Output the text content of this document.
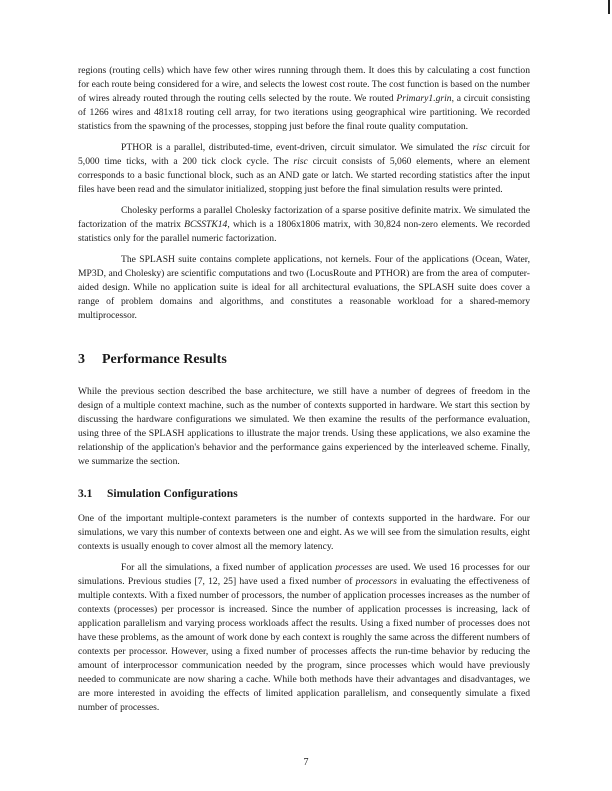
regions (routing cells) which have few other wires running through them. It does this by calculating a cost function for each route being considered for a wire, and selects the lowest cost route. The cost function is based on the number of wires already routed through the routing cells selected by the route. We routed Primary1.grin, a circuit consisting of 1266 wires and 481x18 routing cell array, for two iterations using geographical wire partitioning. We recorded statistics from the spawning of the processes, stopping just before the final route quality computation.

PTHOR is a parallel, distributed-time, event-driven, circuit simulator. We simulated the risc circuit for 5,000 time ticks, with a 200 tick clock cycle. The risc circuit consists of 5,060 elements, where an element corresponds to a basic functional block, such as an AND gate or latch. We started recording statistics after the input files have been read and the simulator initialized, stopping just before the final simulation results were printed.

Cholesky performs a parallel Cholesky factorization of a sparse positive definite matrix. We simulated the factorization of the matrix BCSSTK14, which is a 1806x1806 matrix, with 30,824 non-zero elements. We recorded statistics only for the parallel numeric factorization.

The SPLASH suite contains complete applications, not kernels. Four of the applications (Ocean, Water, MP3D, and Cholesky) are scientific computations and two (LocusRoute and PTHOR) are from the area of computer-aided design. While no application suite is ideal for all architectural evaluations, the SPLASH suite does cover a range of problem domains and algorithms, and constitutes a reasonable workload for a shared-memory multiprocessor.

3 Performance Results

While the previous section described the base architecture, we still have a number of degrees of freedom in the design of a multiple context machine, such as the number of contexts supported in hardware. We start this section by discussing the hardware configurations we simulated. We then examine the results of the performance evaluation, using three of the SPLASH applications to illustrate the major trends. Using these applications, we also examine the relationship of the application's behavior and the performance gains experienced by the interleaved scheme. Finally, we summarize the section.

3.1 Simulation Configurations

One of the important multiple-context parameters is the number of contexts supported in the hardware. For our simulations, we vary this number of contexts between one and eight. As we will see from the simulation results, eight contexts is usually enough to cover almost all the memory latency.

For all the simulations, a fixed number of application processes are used. We used 16 processes for our simulations. Previous studies [7, 12, 25] have used a fixed number of processors in evaluating the effectiveness of multiple contexts. With a fixed number of processors, the number of application processes increases as the number of contexts (processes) per processor is increased. Since the number of application processes is increasing, lack of application parallelism and varying process workloads affect the results. Using a fixed number of processes does not have these problems, as the amount of work done by each context is roughly the same across the different numbers of contexts per processor. However, using a fixed number of processes affects the run-time behavior by reducing the amount of interprocessor communication needed by the program, since processes which would have previously needed to communicate are now sharing a cache. While both methods have their advantages and disadvantages, we are more interested in avoiding the effects of limited application parallelism, and consequently simulate a fixed number of processes.

7
